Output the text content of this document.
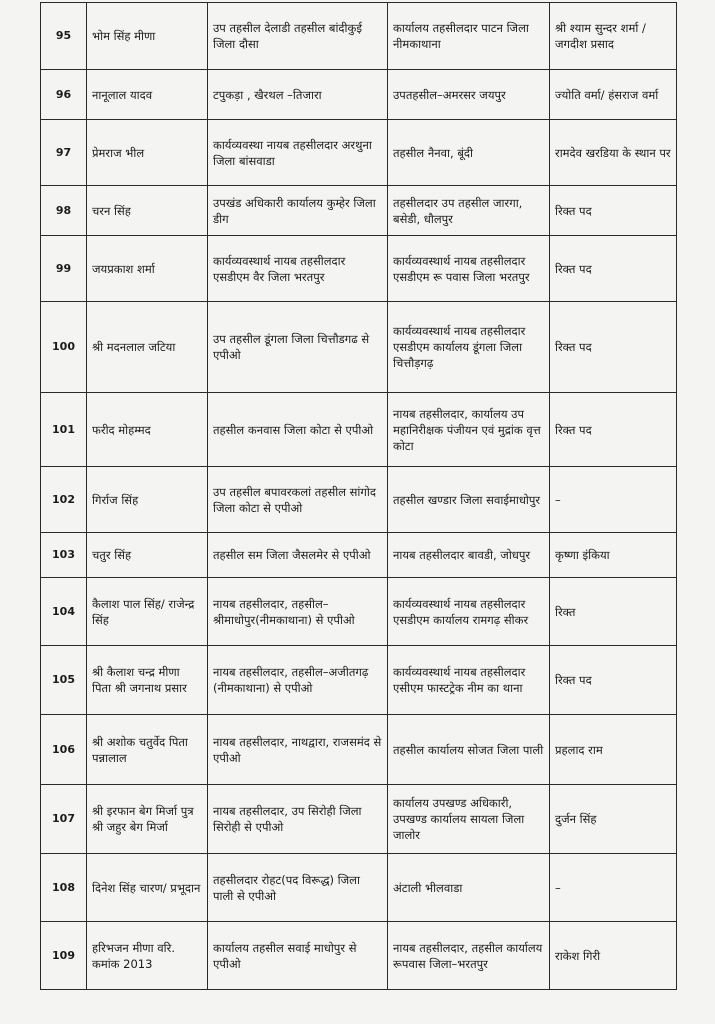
95	भोम सिंह मीणा	उप तहसील देलाडी तहसील बांदीकुई जिला दौसा	कार्यालय तहसीलदार पाटन जिला नीमकाथाना	श्री श्याम सुन्दर शर्मा /जगदीश प्रसाद
96	नानूलाल यादव	टपुकड़ा , खैरथल –तिजारा	उपतहसील–अमरसर जयपुर	ज्योति वर्मा/ हंसराज वर्मा
97	प्रेमराज भील	कार्यव्यवस्था नायब तहसीलदार अरथुना जिला बांसवाडा	तहसील नैनवा, बूंदी	रामदेव खरडिया के स्थान पर
98	चरन सिंह	उपखंड अधिकारी कार्यालय कुम्हेर जिला डीग	तहसीलदार उप तहसील जारगा, बसेडी, धौलपुर	रिक्त पद
99	जयप्रकाश शर्मा	कार्यव्यवस्थार्थ नायब तहसीलदार एसडीएम वैर जिला भरतपुर	कार्यव्यवस्थार्थ नायब तहसीलदार एसडीएम रू पवास जिला भरतपुर	रिक्त पद
100	श्री मदनलाल जटिया	उप तहसील डूंगला जिला चित्तौडगढ से एपीओ	कार्यव्यवस्थार्थ नायब तहसीलदार एसडीएम कार्यालय डूंगला जिला चित्तौड़गढ़	रिक्त पद
101	फरीद मोहम्मद	तहसील कनवास जिला कोटा से एपीओ	नायब तहसीलदार, कार्यालय उप महानिरीक्षक पंजीयन एवं मुद्रांक वृत्त कोटा	रिक्त पद
102	गिर्राज सिंह	उप तहसील बपावरकलां तहसील सांगोद जिला कोटा से एपीओ	तहसील खण्डार जिला सवाईमाधोपुर	–
103	चतुर सिंह	तहसील सम जिला जैसलमेर से एपीओ	नायब तहसीलदार बावडी, जोधपुर	कृष्णा इंकिया
104	कैलाश पाल सिंह/ राजेन्द्र सिंह	नायब तहसीलदार, तहसील–श्रीमाधोपुर(नीमकाथाना) से एपीओ	कार्यव्यवस्थार्थ नायब तहसीलदार एसडीएम कार्यालय रामगढ़ सीकर	रिक्त
105	श्री कैलाश चन्द्र मीणा पिता श्री जगनाथ प्रसार	नायब तहसीलदार, तहसील–अजीतगढ़ (नीमकाथाना) से एपीओ	कार्यव्यवस्थार्थ नायब तहसीलदार एसीएम फास्टट्रेक नीम का थाना	रिक्त पद
106	श्री अशोक चतुर्वेद पिता पन्नालाल	नायब तहसीलदार, नाथद्वारा, राजसमंद से एपीओ	तहसील कार्यालय सोजत जिला पाली	प्रहलाद राम
107	श्री इरफान बेग मिर्जा पुत्र श्री जहुर बेग मिर्जा	नायब तहसीलदार, उप सिरोही जिला सिरोही से एपीओ	कार्यालय उपखण्ड अधिकारी, उपखण्ड कार्यालय सायला जिला जालोर	दुर्जन सिंह
108	दिनेश सिंह चारण/ प्रभूदान	तहसीलदार रोहट(पद विरूद्ध) जिला पाली से एपीओ	अंटाली भीलवाडा	–
109	हरिभजन मीणा वरि. कमांक 2013	कार्यालय तहसील सवाई माधोपुर से एपीओ	नायब तहसीलदार, तहसील कार्यालय रूपवास जिला–भरतपुर	राकेश गिरी
